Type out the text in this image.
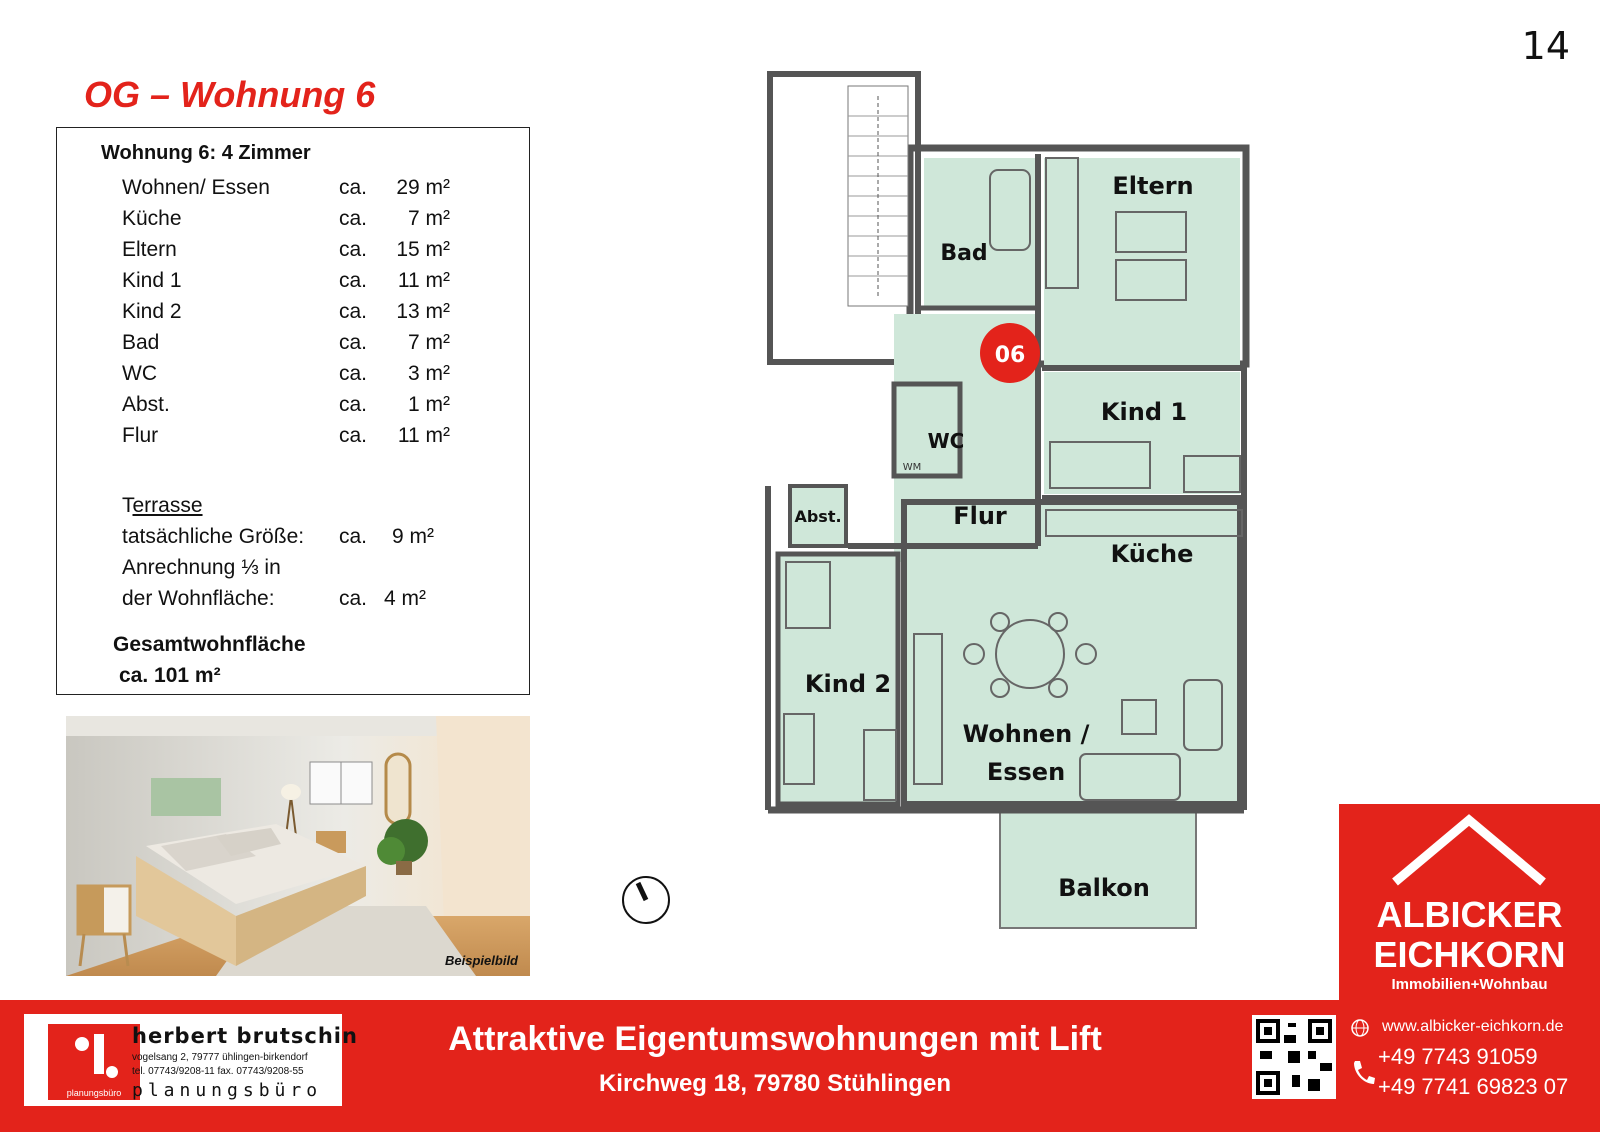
14
OG – Wohnung 6
Wohnung 6: 4 Zimmer
Wohnen/ Essen	ca.	29 m²
Küche	ca.	7 m²
Eltern	ca.	15 m²
Kind 1	ca.	11 m²
Kind 2	ca.	13 m²
Bad	ca.	7 m²
WC	ca.	3 m²
Abst.	ca.	1 m²
Flur	ca.	11 m²
Terrasse
tatsächliche Größe: ca. 9 m²
Anrechnung ⅓ in
der Wohnfläche:	ca. 4 m²
Gesamtwohnfläche
ca. 101 m²
Beispielbild
06
Eltern
Bad
Kind 1
WC
WM
Abst.	Flur
Küche
Kind 2
Wohnen /
Essen
Balkon
ALBICKER
EICHKORN
Immobilien+Wohnbau
planungsbüro
herbert brutschin
vogelsang 2, 79777 ühlingen-birkendorf
tel. 07743/9208-11 fax. 07743/9208-55
planungsbüro
Attraktive Eigentumswohnungen mit Lift
Kirchweg 18, 79780 Stühlingen
www.albicker-eichkorn.de
+49 7743 91059
+49 7741 69823 07
